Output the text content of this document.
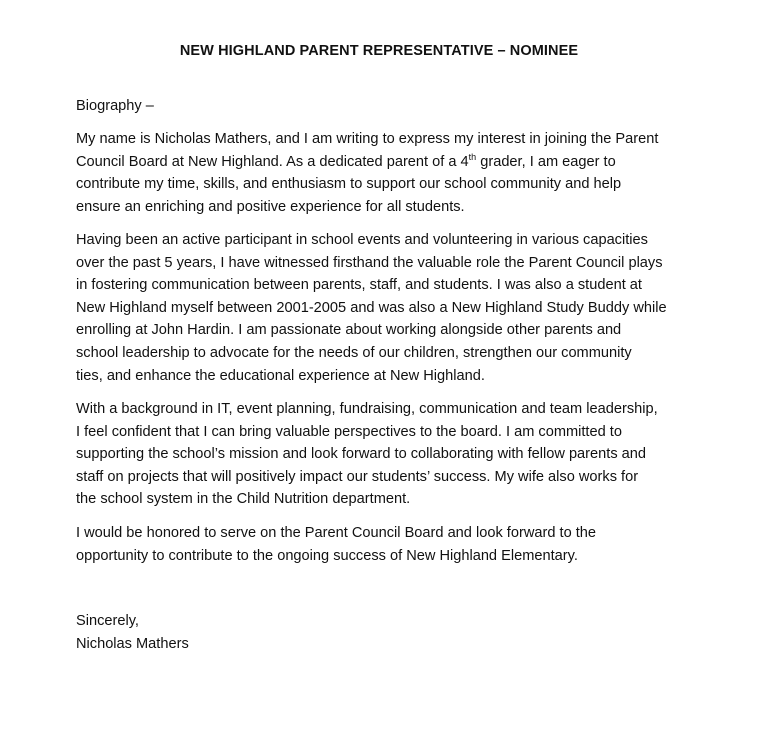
NEW HIGHLAND PARENT REPRESENTATIVE – NOMINEE
Biography –
My name is Nicholas Mathers, and I am writing to express my interest in joining the Parent
Council Board at New Highland. As a dedicated parent of a 4th grader, I am eager to
contribute my time, skills, and enthusiasm to support our school community and help
ensure an enriching and positive experience for all students.
Having been an active participant in school events and volunteering in various capacities
over the past 5 years, I have witnessed firsthand the valuable role the Parent Council plays
in fostering communication between parents, staff, and students. I was also a student at
New Highland myself between 2001-2005 and was also a New Highland Study Buddy while
enrolling at John Hardin. I am passionate about working alongside other parents and
school leadership to advocate for the needs of our children, strengthen our community
ties, and enhance the educational experience at New Highland.
With a background in IT, event planning, fundraising, communication and team leadership,
I feel confident that I can bring valuable perspectives to the board. I am committed to
supporting the school’s mission and look forward to collaborating with fellow parents and
staff on projects that will positively impact our students’ success. My wife also works for
the school system in the Child Nutrition department.
I would be honored to serve on the Parent Council Board and look forward to the
opportunity to contribute to the ongoing success of New Highland Elementary.
Sincerely,
Nicholas Mathers
